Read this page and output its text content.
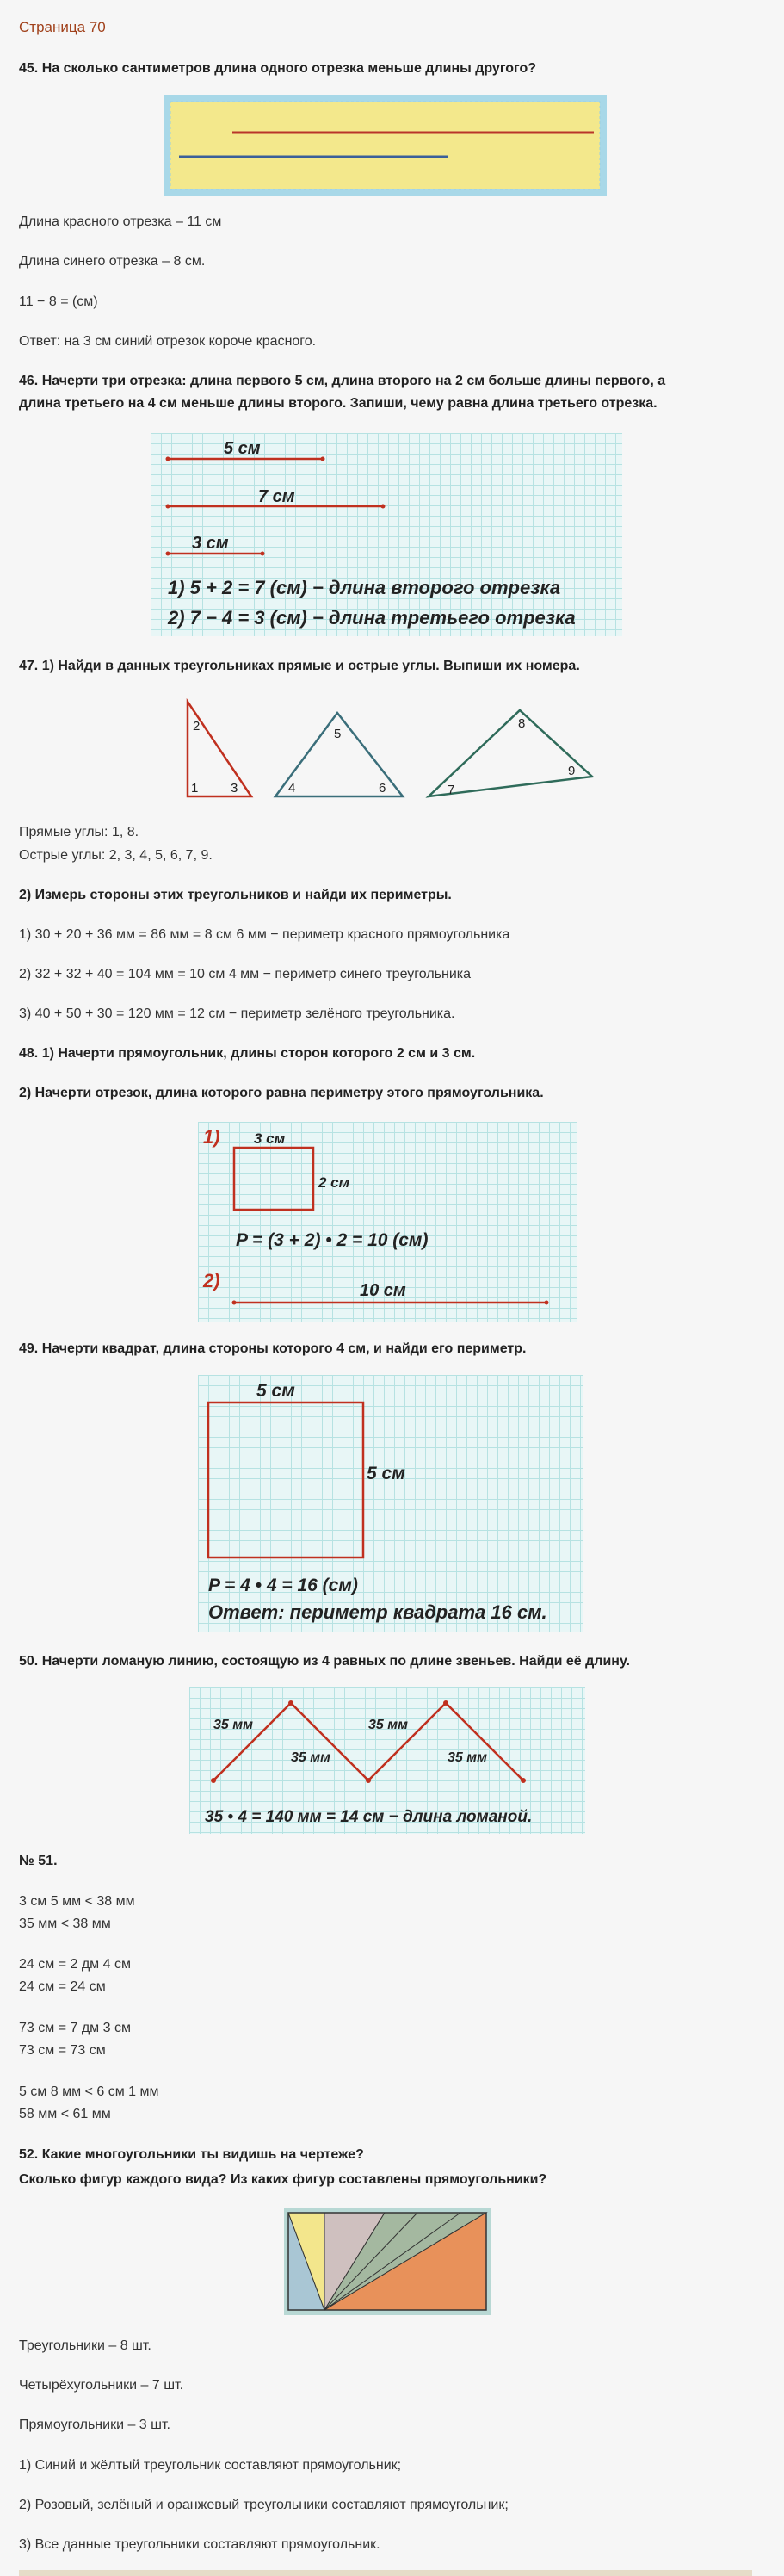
Страница 70
45. На сколько сантиметров длина одного отрезка меньше длины другого?
Длина красного отрезка – 11 см
Длина синего отрезка – 8 см.
11 − 8 = (см)
Ответ: на 3 см синий отрезок короче красного.
46. Начерти три отрезка: длина первого 5 см, длина второго на 2 см больше длины первого, а
длина третьего на 4 см меньше длины второго. Запиши, чему равна длина третьего отрезка.
5 см
7 см
3 см
1) 5 + 2 = 7 (см) − длина второго отрезка
2) 7 − 4 = 3 (см) − длина третьего отрезка
47. 1) Найди в данных треугольниках прямые и острые углы. Выпиши их номера.
2
1	3
5
4	6	7
8
9
Прямые углы: 1, 8.
Острые углы: 2, 3, 4, 5, 6, 7, 9.
2) Измерь стороны этих треугольников и найди их периметры.
1) 30 + 20 + 36 мм = 86 мм = 8 см 6 мм − периметр красного прямоугольника
2) 32 + 32 + 40 = 104 мм = 10 см 4 мм − периметр синего треугольника
3) 40 + 50 + 30 = 120 мм = 12 см − периметр зелёного треугольника.
48. 1) Начерти прямоугольник, длины сторон которого 2 см и 3 см.
2) Начерти отрезок, длина которого равна периметру этого прямоугольника.
1) 3 см
2 см
P = (3 + 2) • 2 = 10 (см)
2)	10 см
49. Начерти квадрат, длина стороны которого 4 см, и найди его периметр.
5 см
5 см
P = 4 • 4 = 16 (см)
Ответ: периметр квадрата 16 см.
50. Начерти ломаную линию, состоящую из 4 равных по длине звеньев. Найди её длину.
35 мм
35 мм
35 мм
35 мм
35 • 4 = 140 мм = 14 см − длина ломаной.
№ 51.
3 см 5 мм < 38 мм
35 мм < 38 мм
24 см = 2 дм 4 см
24 см = 24 см
73 см = 7 дм 3 см
73 см = 73 см
5 см 8 мм < 6 см 1 мм
58 мм < 61 мм
52. Какие многоугольники ты видишь на чертеже?
Сколько фигур каждого вида? Из каких фигур составлены прямоугольники?
Треугольники – 8 шт.
Четырёхугольники – 7 шт.
Прямоугольники – 3 шт.
1) Синий и жёлтый треугольник составляют прямоугольник;
2) Розовый, зелёный и оранжевый треугольники составляют прямоугольник;
3) Все данные треугольники составляют прямоугольник.
